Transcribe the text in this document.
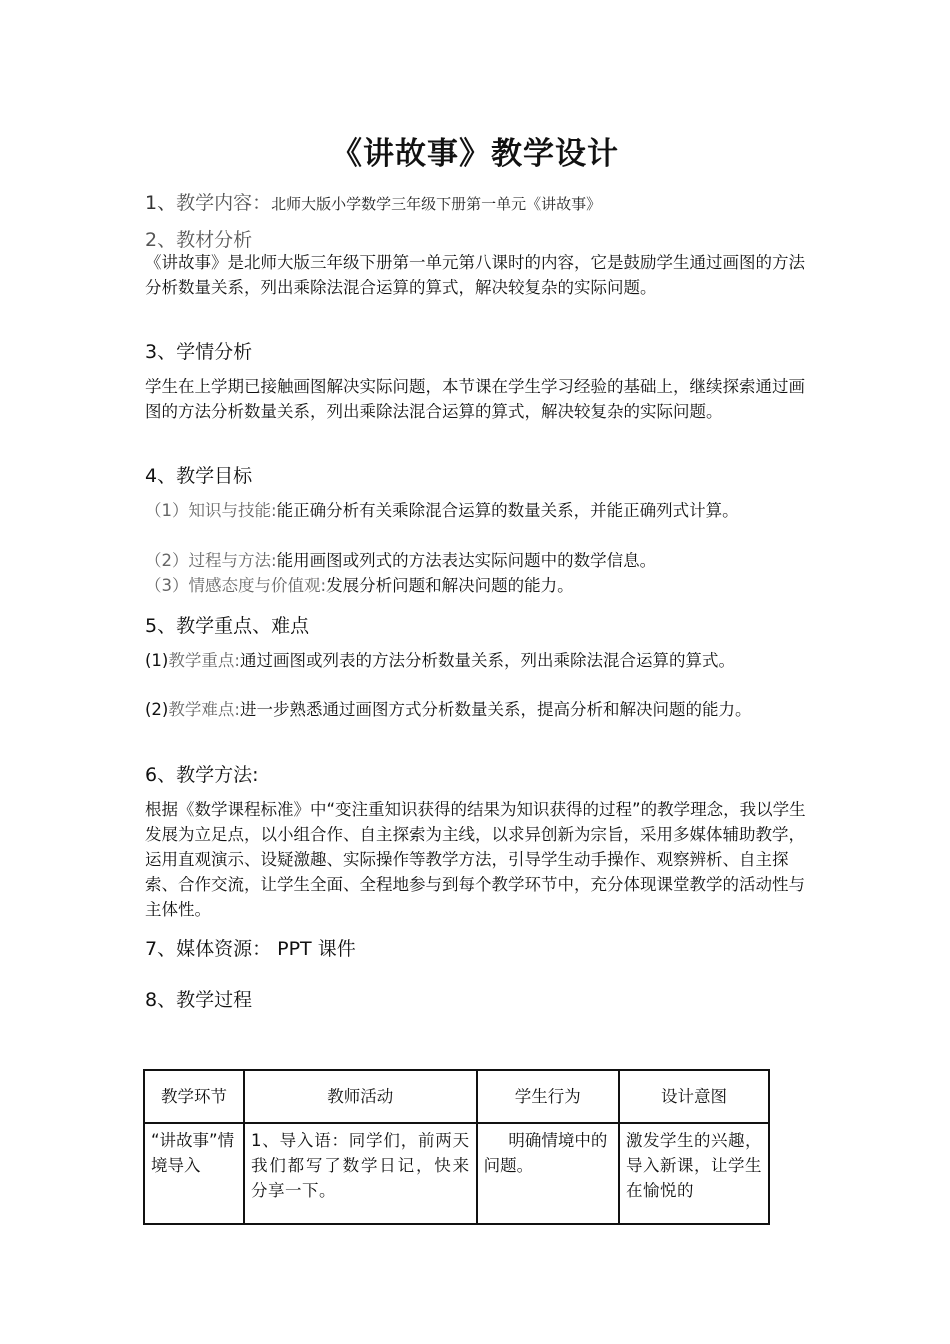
《讲故事》教学设计
1、教学内容：北师大版小学数学三年级下册第一单元《讲故事》
2、教材分析
《讲故事》是北师大版三年级下册第一单元第八课时的内容，它是鼓励学生通过画图的方法分析数量关系，列出乘除法混合运算的算式，解决较复杂的实际问题。
3、学情分析
学生在上学期已接触画图解决实际问题，本节课在学生学习经验的基础上，继续探索通过画图的方法分析数量关系，列出乘除法混合运算的算式，解决较复杂的实际问题。
4、教学目标
（1）知识与技能:能正确分析有关乘除混合运算的数量关系，并能正确列式计算。
（2）过程与方法:能用画图或列式的方法表达实际问题中的数学信息。
（3）情感态度与价值观:发展分析问题和解决问题的能力。
5、教学重点、难点
(1)教学重点:通过画图或列表的方法分析数量关系，列出乘除法混合运算的算式。
(2)教学难点:进一步熟悉通过画图方式分析数量关系，提高分析和解决问题的能力。
6、教学方法:
根据《数学课程标准》中“变注重知识获得的结果为知识获得的过程”的教学理念，我以学生发展为立足点，以小组合作、自主探索为主线，以求异创新为宗旨，采用多媒体辅助教学，运用直观演示、设疑激趣、实际操作等教学方法，引导学生动手操作、观察辨析、自主探索、合作交流，让学生全面、全程地参与到每个教学环节中，充分体现课堂教学的活动性与主体性。
7、媒体资源： PPT 课件
8、教学过程
教学环节	教师活动	学生行为	设计意图
“讲故事”情境导入	1、导入语：同学们，前两天我们都写了数学日记，快来分享一下。	明确情境中的问题。	激发学生的兴趣，导入新课，让学生在愉悦的
